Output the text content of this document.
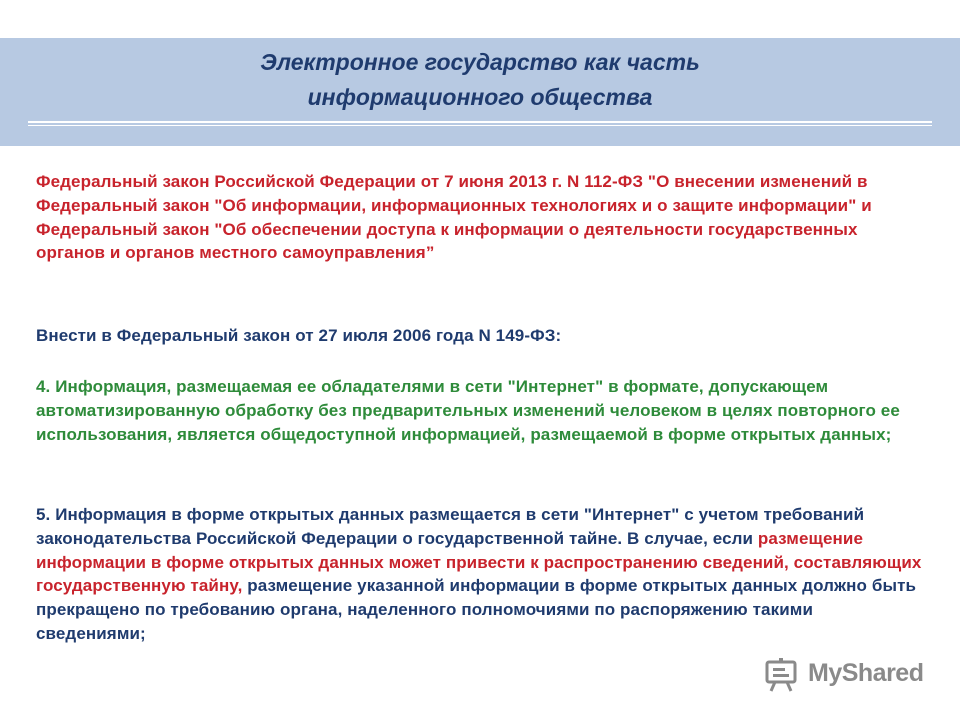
Электронное государство как часть
информационного общества
Федеральный закон Российской Федерации от 7 июня 2013 г. N 112-ФЗ "О внесении изменений в Федеральный закон "Об информации, информационных технологиях и о защите информации" и Федеральный закон "Об обеспечении доступа к информации о деятельности государственных органов и органов местного самоуправления”
Внести в Федеральный закон от 27 июля 2006 года N 149-ФЗ:
4. Информация, размещаемая ее обладателями в сети "Интернет" в формате, допускающем автоматизированную обработку без предварительных изменений человеком в целях повторного ее использования, является общедоступной информацией, размещаемой в форме открытых данных;
5. Информация в форме открытых данных размещается в сети "Интернет" с учетом требований законодательства Российской Федерации о государственной тайне. В случае, если размещение информации в форме открытых данных может привести к распространению сведений, составляющих государственную тайну, размещение указанной информации в форме открытых данных должно быть прекращено по требованию органа, наделенного полномочиями по распоряжению такими сведениями;
MyShared
